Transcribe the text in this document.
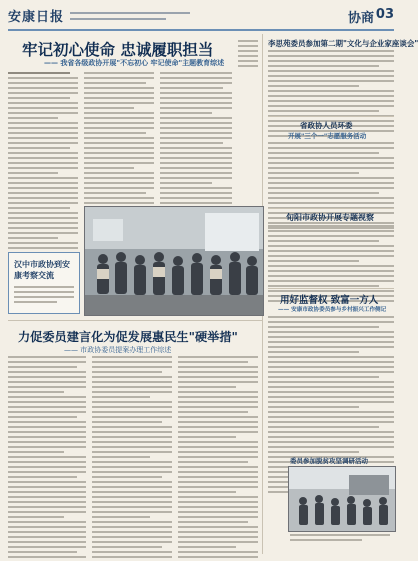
安康日报	协商 03
牢记初心使命 忠诚履职担当
—— 我省各级政协开展"不忘初心 牢记使命"主题教育综述
汉中市政协到安康考察交流
力促委员建言化为促发展惠民生"硬举措"
—— 市政协委员提案办理工作综述
李思苑委员参加第二期"文化与企业家座谈会"
省政协人员环委
开展"三个一"志愿服务活动
旬阳市政协开展专题视察
用好监督权 致富一方人
—— 安康市政协委员参与乡村振兴工作侧记
委员参加脱贫攻坚调研活动
